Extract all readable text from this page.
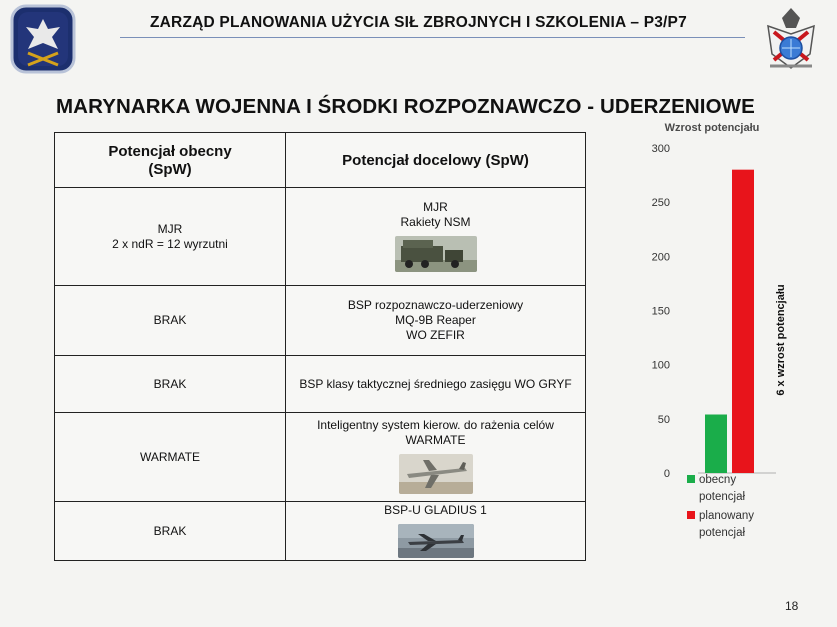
ZARZĄD PLANOWANIA UŻYCIA SIŁ ZBROJNYCH I SZKOLENIA – P3/P7
MARYNARKA WOJENNA I ŚRODKI ROZPOZNAWCZO - UDERZENIOWE
Potencjał obecny
(SpW)	Potencjał docelowy (SpW)

MJR
2 x ndR = 12 wyrzutni	MJR
Rakiety NSM

BRAK	BSP rozpoznawczo-uderzeniowy
MQ-9B Reaper
WO ZEFIR

BRAK	BSP klasy taktycznej średniego zasięgu WO GRYF

WARMATE	Inteligentny system kierow. do rażenia celów
WARMATE

BRAK	BSP-U GLADIUS 1
Wzrost potencjału
0
50
100
150
200
250
300
6 x wzrost potencjału
obecny
potencjał
planowany
potencjał
18
